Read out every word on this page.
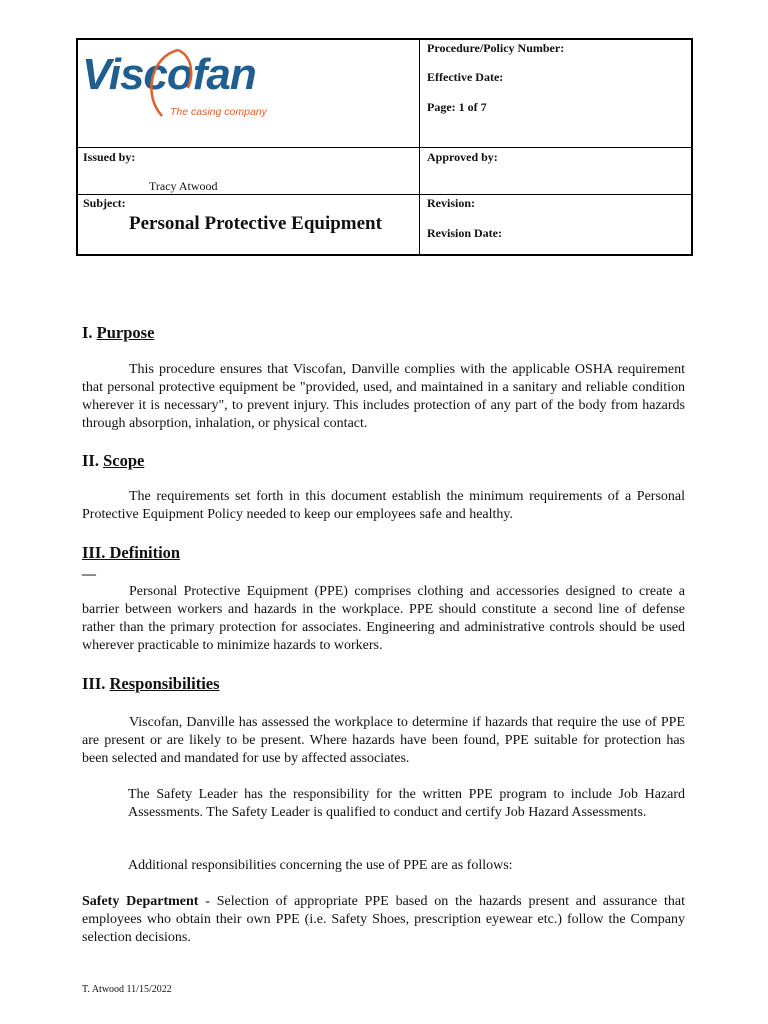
Viscofan
The casing company
Procedure/Policy Number:
Effective Date:
Page: 1 of 7
Issued by:
Tracy Atwood
Approved by:
Subject:
Personal Protective Equipment
Revision:
Revision Date:
I. Purpose
This procedure ensures that Viscofan, Danville complies with the applicable OSHA requirement that personal protective equipment be "provided, used, and maintained in a sanitary and reliable condition wherever it is necessary", to prevent injury. This includes protection of any part of the body from hazards through absorption, inhalation, or physical contact.
II. Scope
The requirements set forth in this document establish the minimum requirements of a Personal Protective Equipment Policy needed to keep our employees safe and healthy.
III. Definition
—
Personal Protective Equipment (PPE) comprises clothing and accessories designed to create a barrier between workers and hazards in the workplace. PPE should constitute a second line of defense rather than the primary protection for associates. Engineering and administrative controls should be used wherever practicable to minimize hazards to workers.
III. Responsibilities
Viscofan, Danville has assessed the workplace to determine if hazards that require the use of PPE are present or are likely to be present. Where hazards have been found, PPE suitable for protection has been selected and mandated for use by affected associates.
The Safety Leader has the responsibility for the written PPE program to include Job Hazard Assessments. The Safety Leader is qualified to conduct and certify Job Hazard Assessments.
Additional responsibilities concerning the use of PPE are as follows:
Safety Department - Selection of appropriate PPE based on the hazards present and assurance that employees who obtain their own PPE (i.e. Safety Shoes, prescription eyewear etc.) follow the Company selection decisions.
T. Atwood 11/15/2022
